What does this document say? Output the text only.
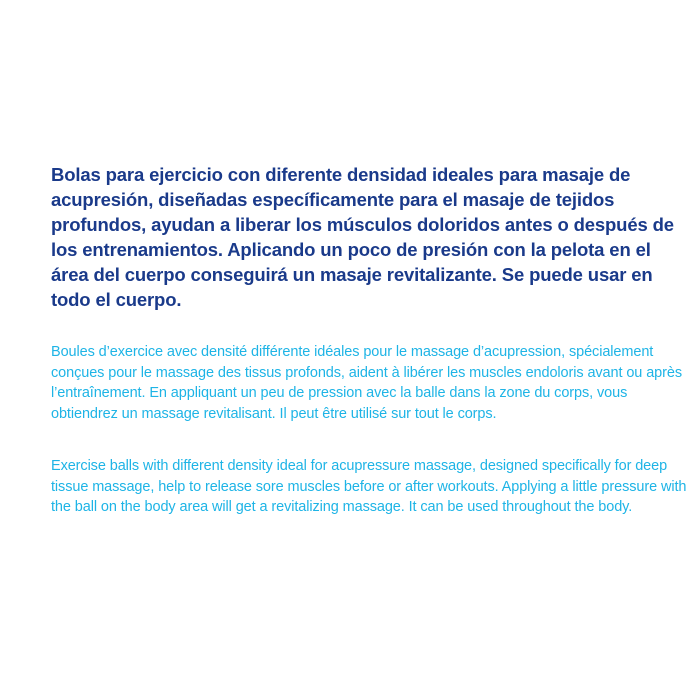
Bolas para ejercicio con diferente densidad ideales para masaje de acupresión, diseñadas específicamente para el masaje de tejidos profundos, ayudan a liberar los músculos doloridos antes o después de los entrenamientos. Aplicando un poco de presión con la pelota en el área del cuerpo conseguirá un masaje revitalizante. Se puede usar en todo el cuerpo.

Boules d’exercice avec densité différente idéales pour le massage d’acupression, spécialement conçues pour le massage des tissus profonds, aident à libérer les muscles endoloris avant ou après l’entraînement. En appliquant un peu de pression avec la balle dans la zone du corps, vous obtiendrez un massage revitalisant. Il peut être utilisé sur tout le corps.

Exercise balls with different density ideal for acupressure massage, designed specifically for deep tissue massage, help to release sore muscles before or after workouts. Applying a little pressure with the ball on the body area will get a revitalizing massage. It can be used throughout the body.
